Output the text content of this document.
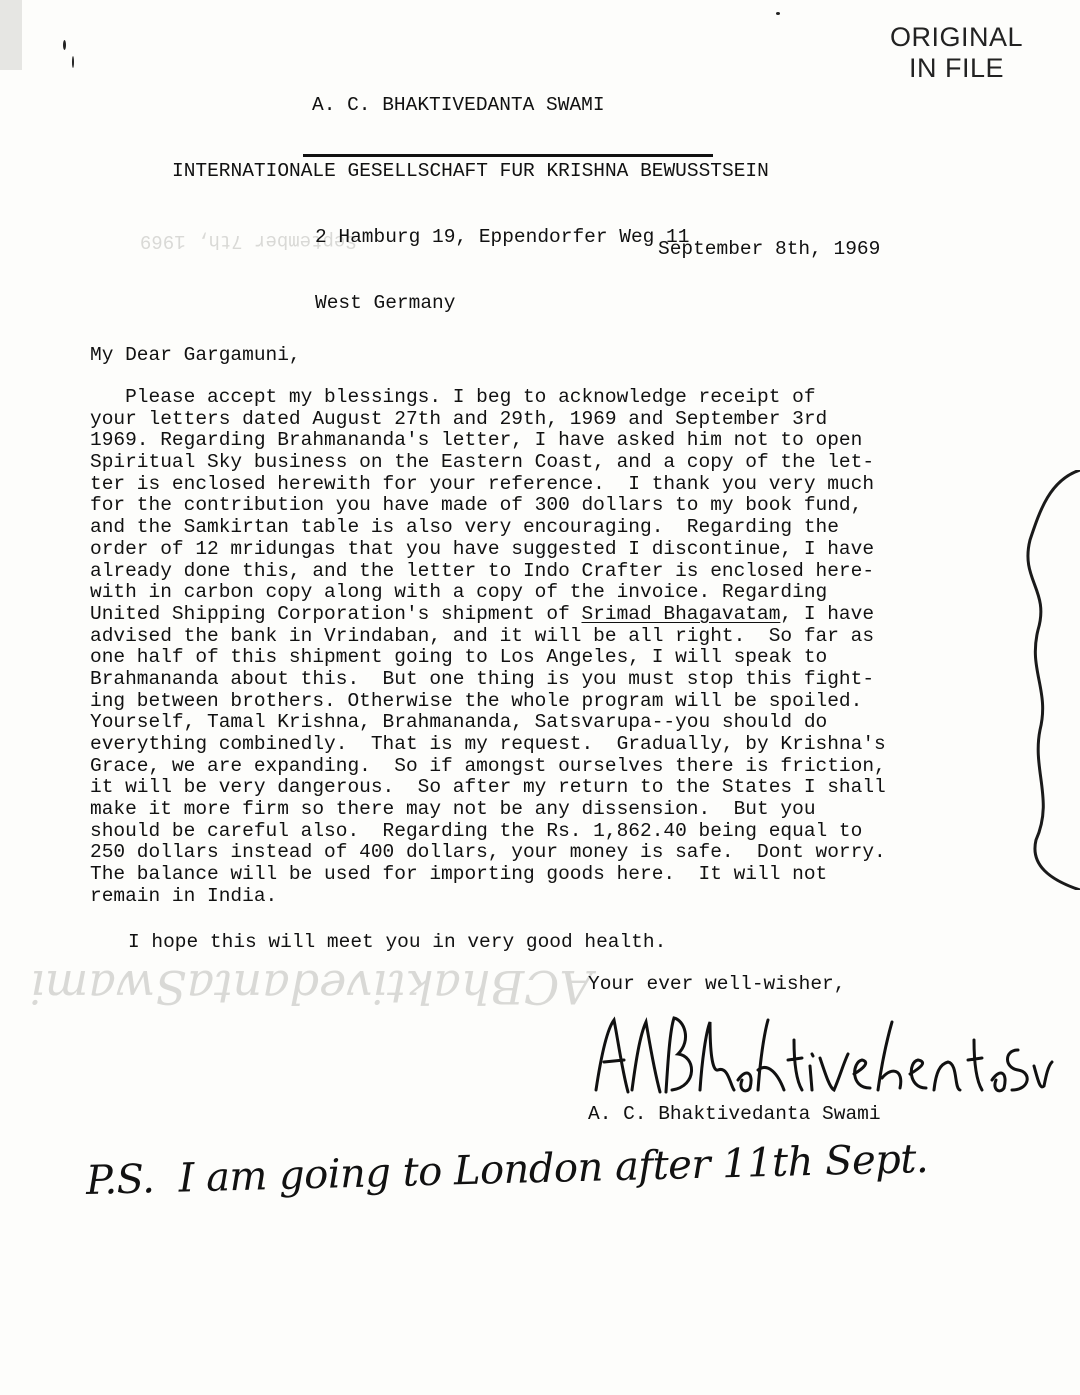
September 7th, 1969
ACBhaktivedantaSwami
ORIGINAL
IN FILE

A. C. BHAKTIVEDANTA SWAMI

INTERNATIONALE GESELLSCHAFT FUR KRISHNA BEWUSSTSEIN

2 Hamburg 19, Eppendorfer Weg 11

West Germany

September 8th, 1969
My Dear Gargamuni,
Please accept my blessings. I beg to acknowledge receipt of
your letters dated August 27th and 29th, 1969 and September 3rd
1969. Regarding Brahmananda's letter, I have asked him not to open
Spiritual Sky business on the Eastern Coast, and a copy of the let-
ter is enclosed herewith for your reference.  I thank you very much
for the contribution you have made of 300 dollars to my book fund,
and the Samkirtan table is also very encouraging.  Regarding the
order of 12 mridungas that you have suggested I discontinue, I have
already done this, and the letter to Indo Crafter is enclosed here-
with in carbon copy along with a copy of the invoice. Regarding
United Shipping Corporation's shipment of Srimad Bhagavatam, I have
advised the bank in Vrindaban, and it will be all right.  So far as
one half of this shipment going to Los Angeles, I will speak to
Brahmananda about this.  But one thing is you must stop this fight-
ing between brothers. Otherwise the whole program will be spoiled.
Yourself, Tamal Krishna, Brahmananda, Satsvarupa--you should do
everything combinedly.  That is my request.  Gradually, by Krishna's
Grace, we are expanding.  So if amongst ourselves there is friction,
it will be very dangerous.  So after my return to the States I shall
make it more firm so there may not be any dissension.  But you
should be careful also.  Regarding the Rs. 1,862.40 being equal to
250 dollars instead of 400 dollars, your money is safe.  Dont worry.
The balance will be used for importing goods here.  It will not
remain in India.
I hope this will meet you in very good health.
Your ever well-wisher,
A. C. Bhaktivedanta Swami
P.S.  I am going to London after 11th Sept.
